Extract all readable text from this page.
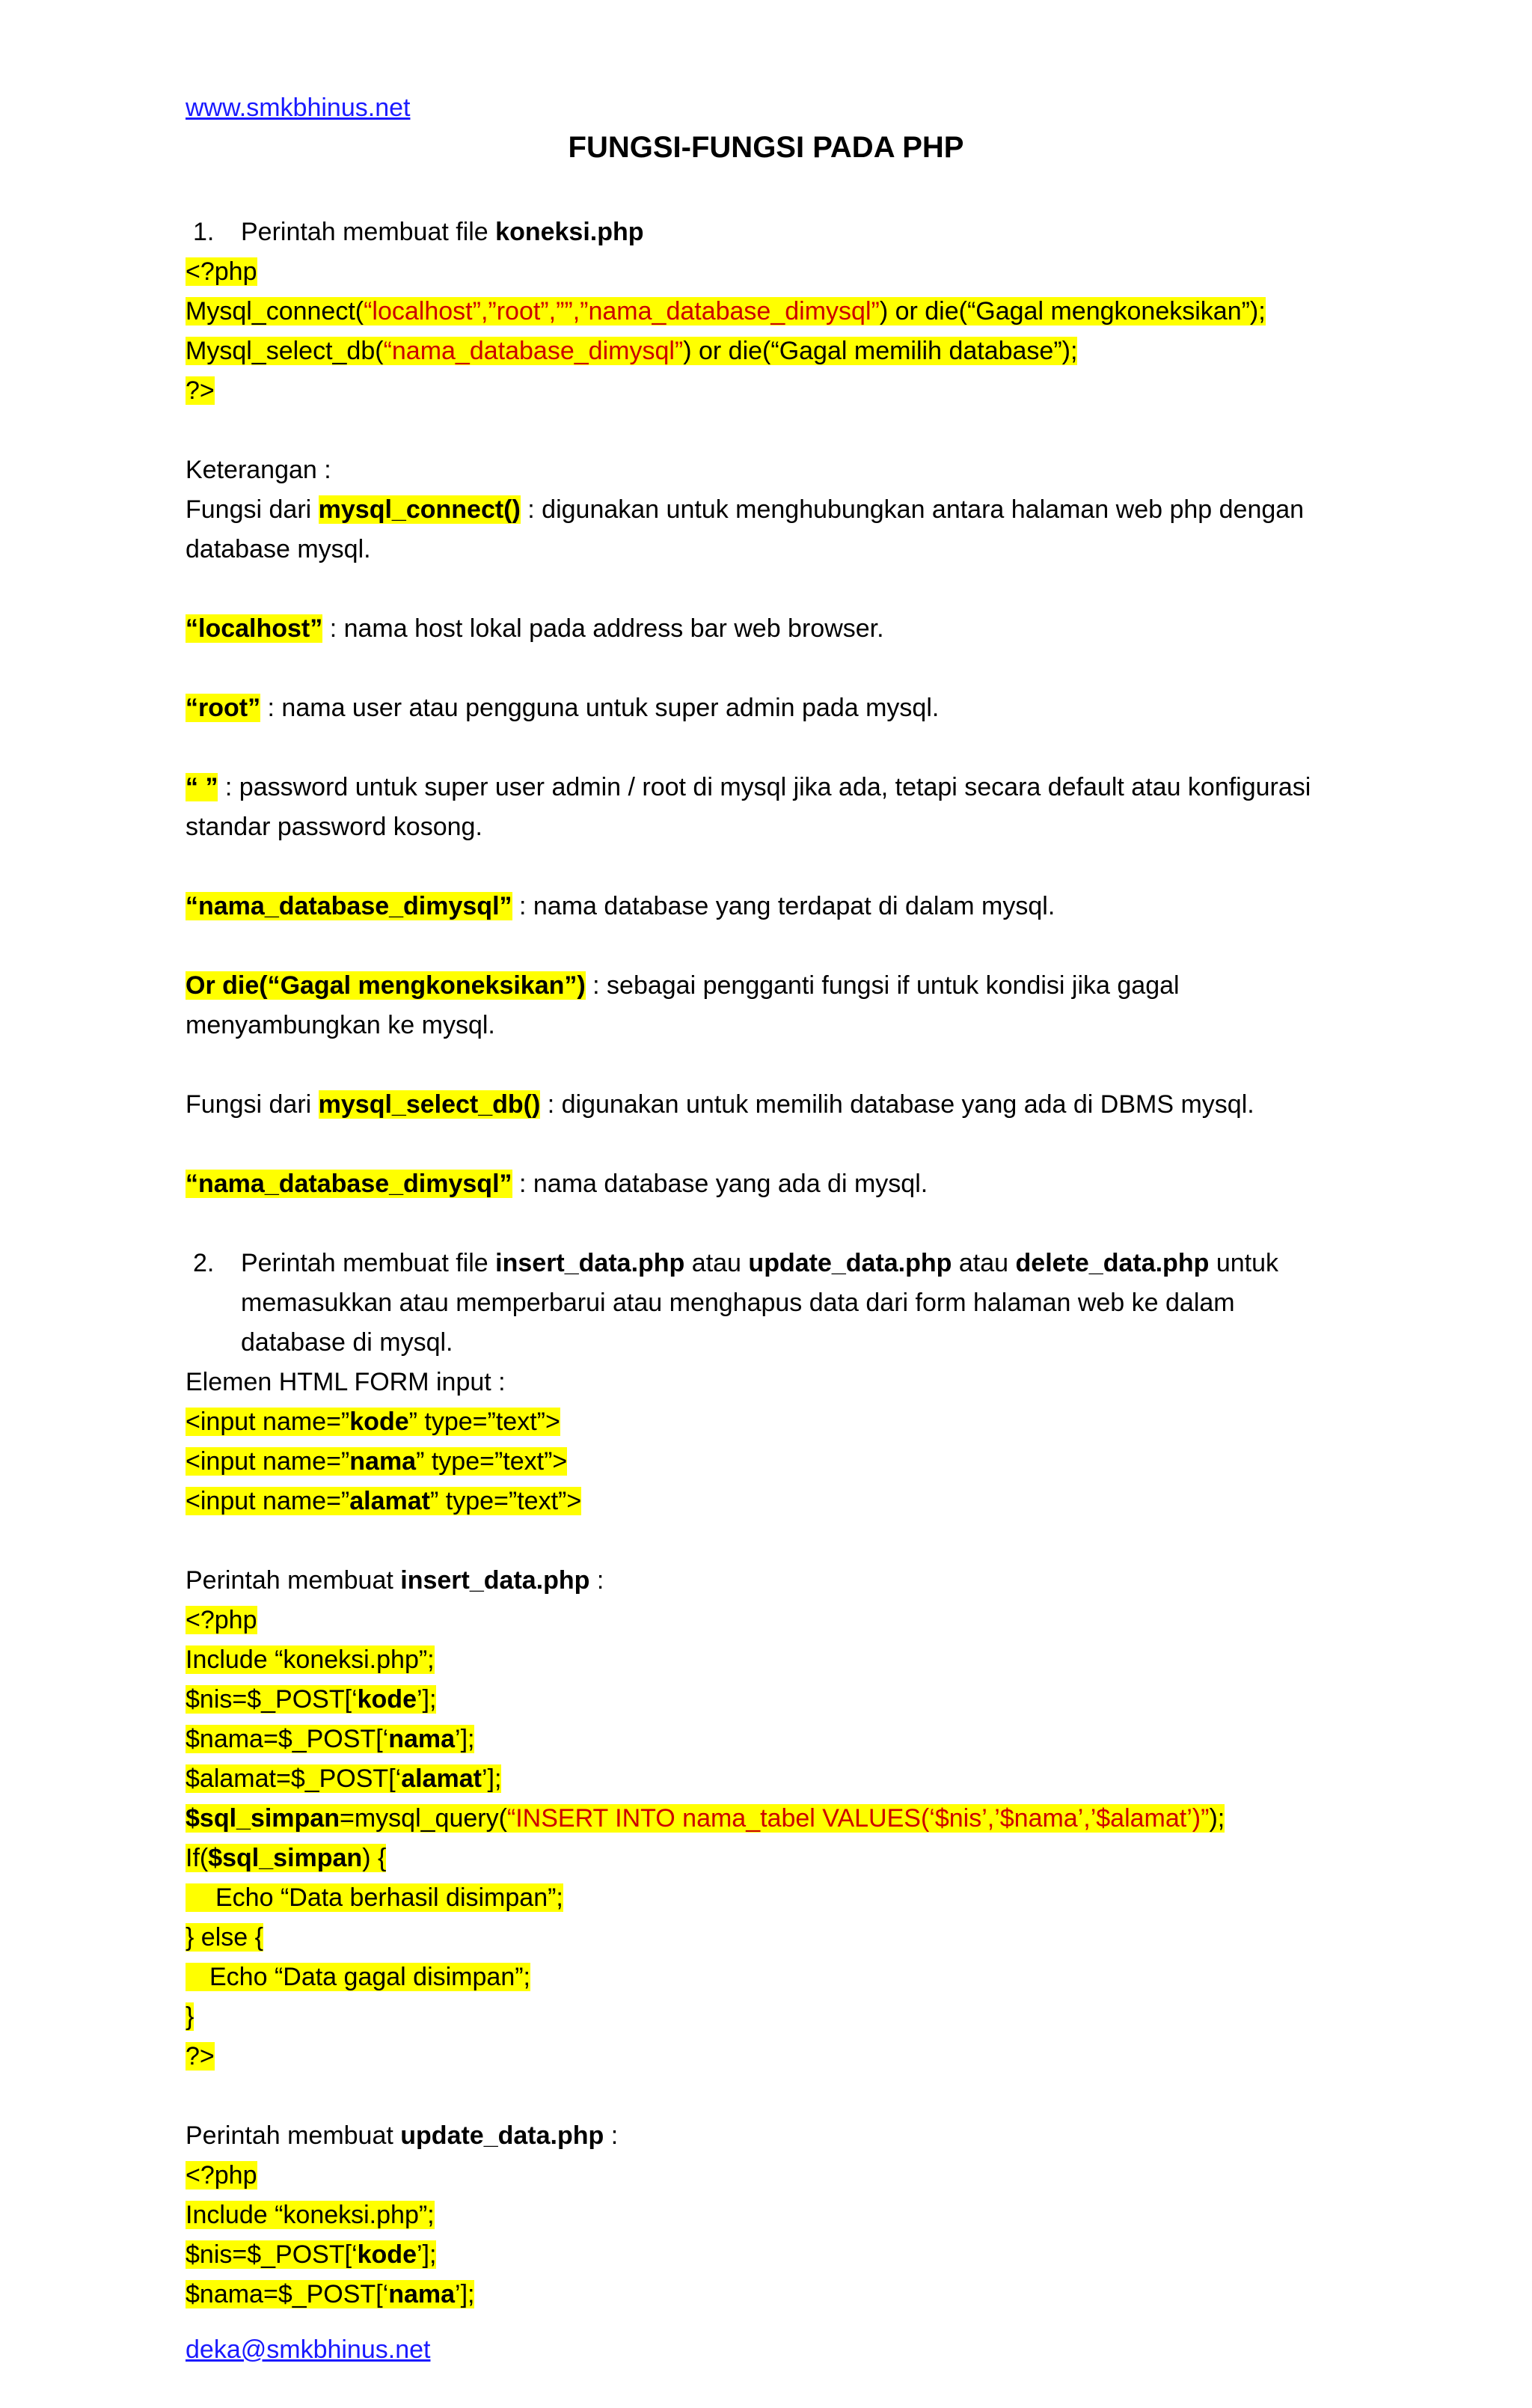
www.smkbhinus.net
FUNGSI-FUNGSI PADA PHP
1. Perintah membuat file koneksi.php
<?php
Mysql_connect(“localhost”,”root”,””,”nama_database_dimysql”) or die(“Gagal mengkoneksikan”);
Mysql_select_db(“nama_database_dimysql”) or die(“Gagal memilih database”);
?>
Keterangan :
Fungsi dari mysql_connect() : digunakan untuk menghubungkan antara halaman web php dengan database mysql.
“localhost” : nama host lokal pada address bar web browser.
“root” : nama user atau pengguna untuk super admin pada mysql.
“ ” : password untuk super user admin / root di mysql jika ada, tetapi secara default atau konfigurasi standar password kosong.
“nama_database_dimysql” : nama database yang terdapat di dalam mysql.
Or die(“Gagal mengkoneksikan”) : sebagai pengganti fungsi if untuk kondisi jika gagal menyambungkan ke mysql.
Fungsi dari mysql_select_db() : digunakan untuk memilih database yang ada di DBMS mysql.
“nama_database_dimysql” : nama database yang ada di mysql.
2. Perintah membuat file insert_data.php atau update_data.php atau delete_data.php untuk
memasukkan atau memperbarui atau menghapus data dari form halaman web ke dalam
database di mysql.
Elemen HTML FORM input :
<input name=”kode” type=”text”>
<input name=”nama” type=”text”>
<input name=”alamat” type=”text”>
Perintah membuat insert_data.php :
<?php
Include “koneksi.php”;
$nis=$_POST[‘kode’];
$nama=$_POST[‘nama’];
$alamat=$_POST[‘alamat’];
$sql_simpan=mysql_query(“INSERT INTO nama_tabel VALUES(‘$nis’,’$nama’,’$alamat’)”);
If($sql_simpan) {
Echo “Data berhasil disimpan”;
} else {
Echo “Data gagal disimpan”;
}
?>
Perintah membuat update_data.php :
<?php
Include “koneksi.php”;
$nis=$_POST[‘kode’];
$nama=$_POST[‘nama’];
deka@smkbhinus.net
